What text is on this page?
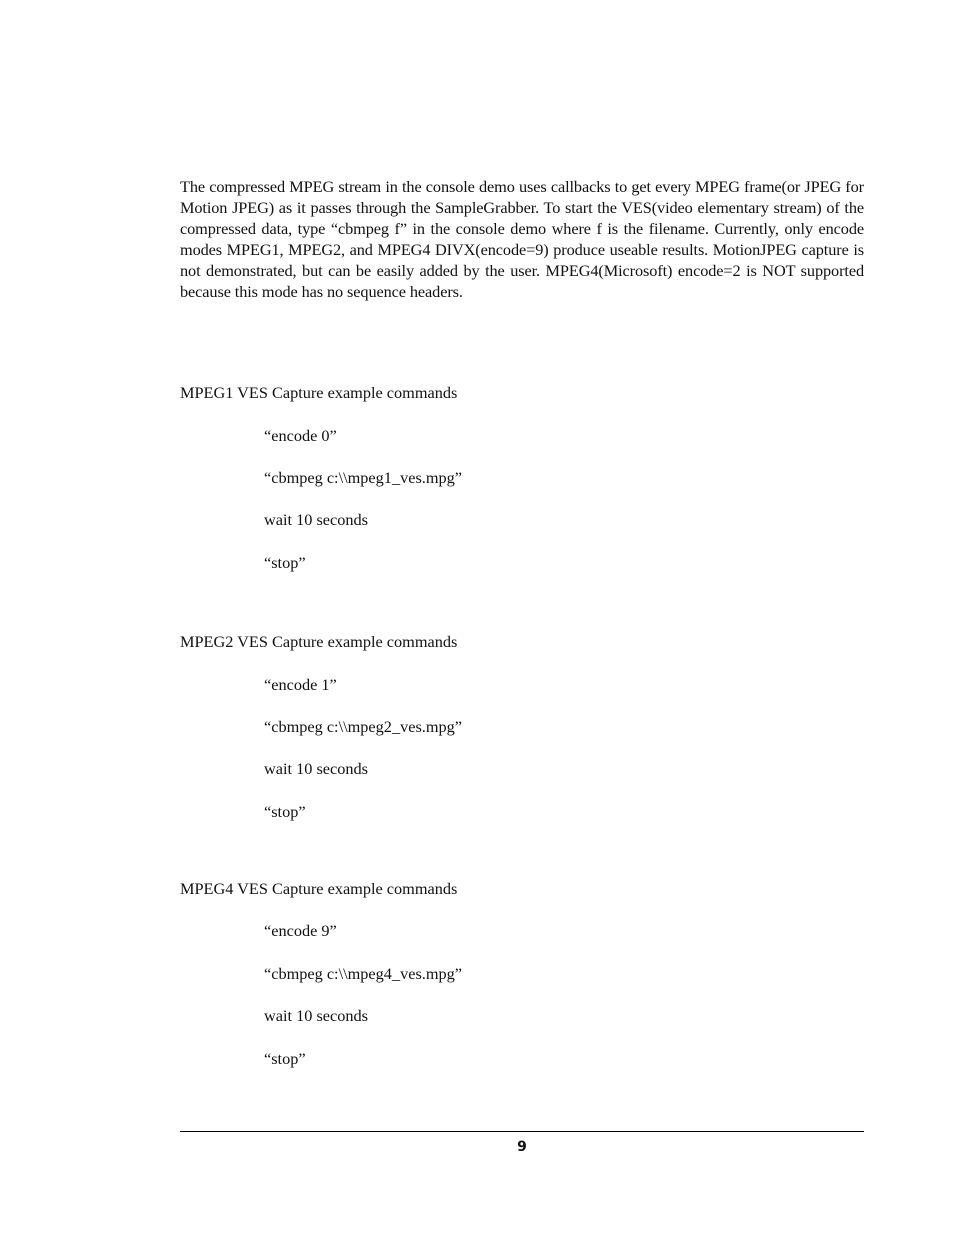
The compressed MPEG stream in the console demo uses callbacks to get every MPEG frame(or JPEG for Motion JPEG) as it passes through the SampleGrabber. To start the VES(video elementary stream) of the compressed data, type “cbmpeg f” in the console demo where f is the filename. Currently, only encode modes MPEG1, MPEG2, and MPEG4 DIVX(encode=9) produce useable results. MotionJPEG capture is not demonstrated, but can be easily added by the user. MPEG4(Microsoft) encode=2 is NOT supported because this mode has no sequence headers.

MPEG1 VES Capture example commands

“encode 0”

“cbmpeg c:\\mpeg1_ves.mpg”

wait 10 seconds

“stop”

MPEG2 VES Capture example commands

“encode 1”

“cbmpeg c:\\mpeg2_ves.mpg”

wait 10 seconds

“stop”

MPEG4 VES Capture example commands

“encode 9”

“cbmpeg c:\\mpeg4_ves.mpg”

wait 10 seconds

“stop”

9
